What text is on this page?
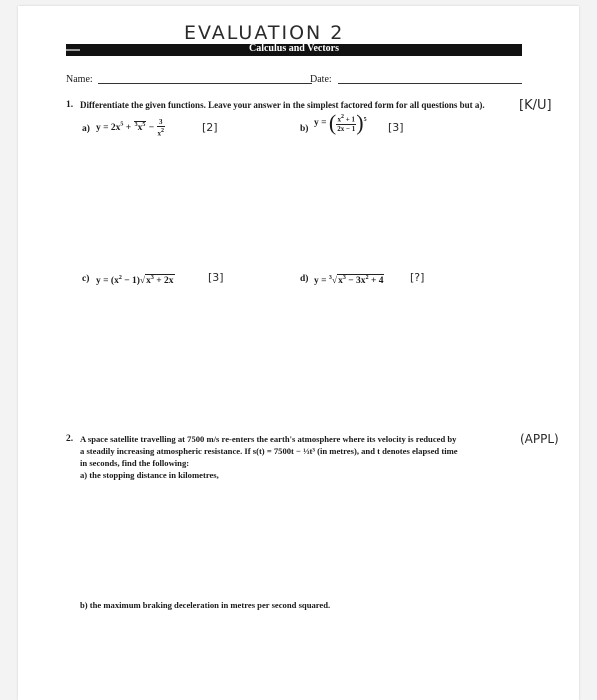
EVALUATION 2
Calculus and Vectors
Name:	Date:
1. Differentiate the given functions. Leave your answer in the simplest factored form for all questions but a).	[K/U]
a) $y = 2x^5 + ^3x^5 - \frac{3}{x^2}$	[2]	b)
y = ( $\frac{x^2 + 1}{2x - 1} )^5$
[3]
c) $y = (x^2 - 1)√x^3 + 2x$	[3]	d) $y = ^3√x^3 - 3x^2 + 4$ [?]
2. A space satellite travelling at 7500 m/s re-enters the earth's atmosphere where its velocity is reduced by
a steadily increasing atmospheric resistance. If s(t) = 7500t − ⅓t³ (in metres), and t denotes elapsed time
in seconds, find the following:
a) the stopping distance in kilometres,
(APPL)
b) the maximum braking deceleration in metres per second squared.
